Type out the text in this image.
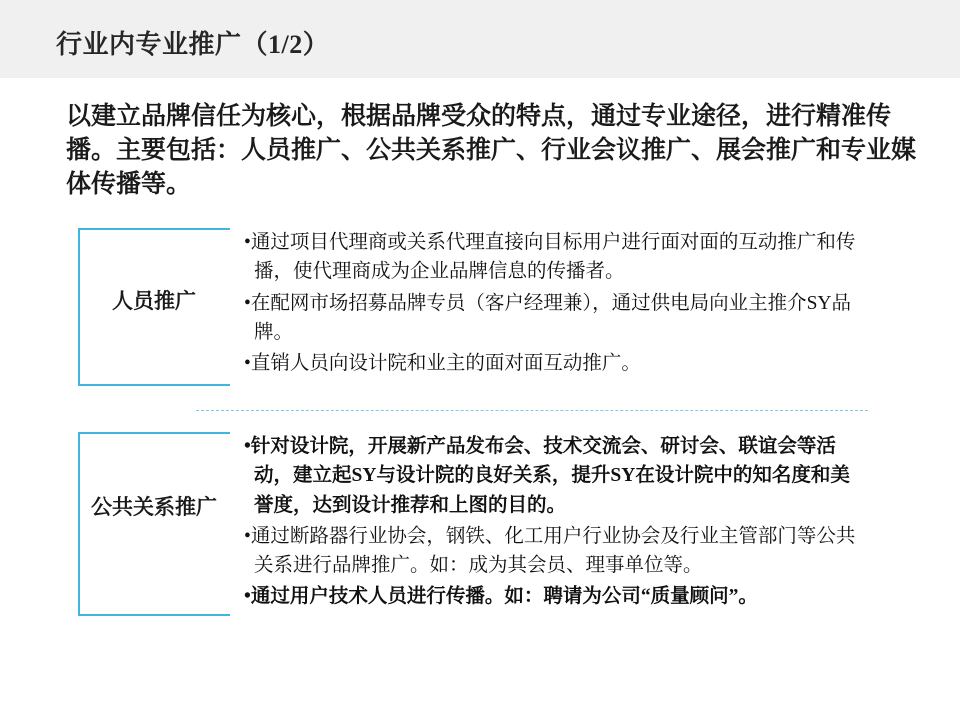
行业内专业推广（1/2）
以建立品牌信任为核心，根据品牌受众的特点，通过专业途径，进行精准传播。主要包括：人员推广、公共关系推广、行业会议推广、展会推广和专业媒体传播等。
人员推广

•通过项目代理商或关系代理直接向目标用户进行面对面的互动推广和传播，使代理商成为企业品牌信息的传播者。

•在配网市场招募品牌专员（客户经理兼），通过供电局向业主推介SY品牌。

•直销人员向设计院和业主的面对面互动推广。

公共关系推广

•针对设计院，开展新产品发布会、技术交流会、研讨会、联谊会等活动，建立起SY与设计院的良好关系，提升SY在设计院中的知名度和美誉度，达到设计推荐和上图的目的。

•通过断路器行业协会，钢铁、化工用户行业协会及行业主管部门等公共关系进行品牌推广。如：成为其会员、理事单位等。

•通过用户技术人员进行传播。如：聘请为公司“质量顾问”。
